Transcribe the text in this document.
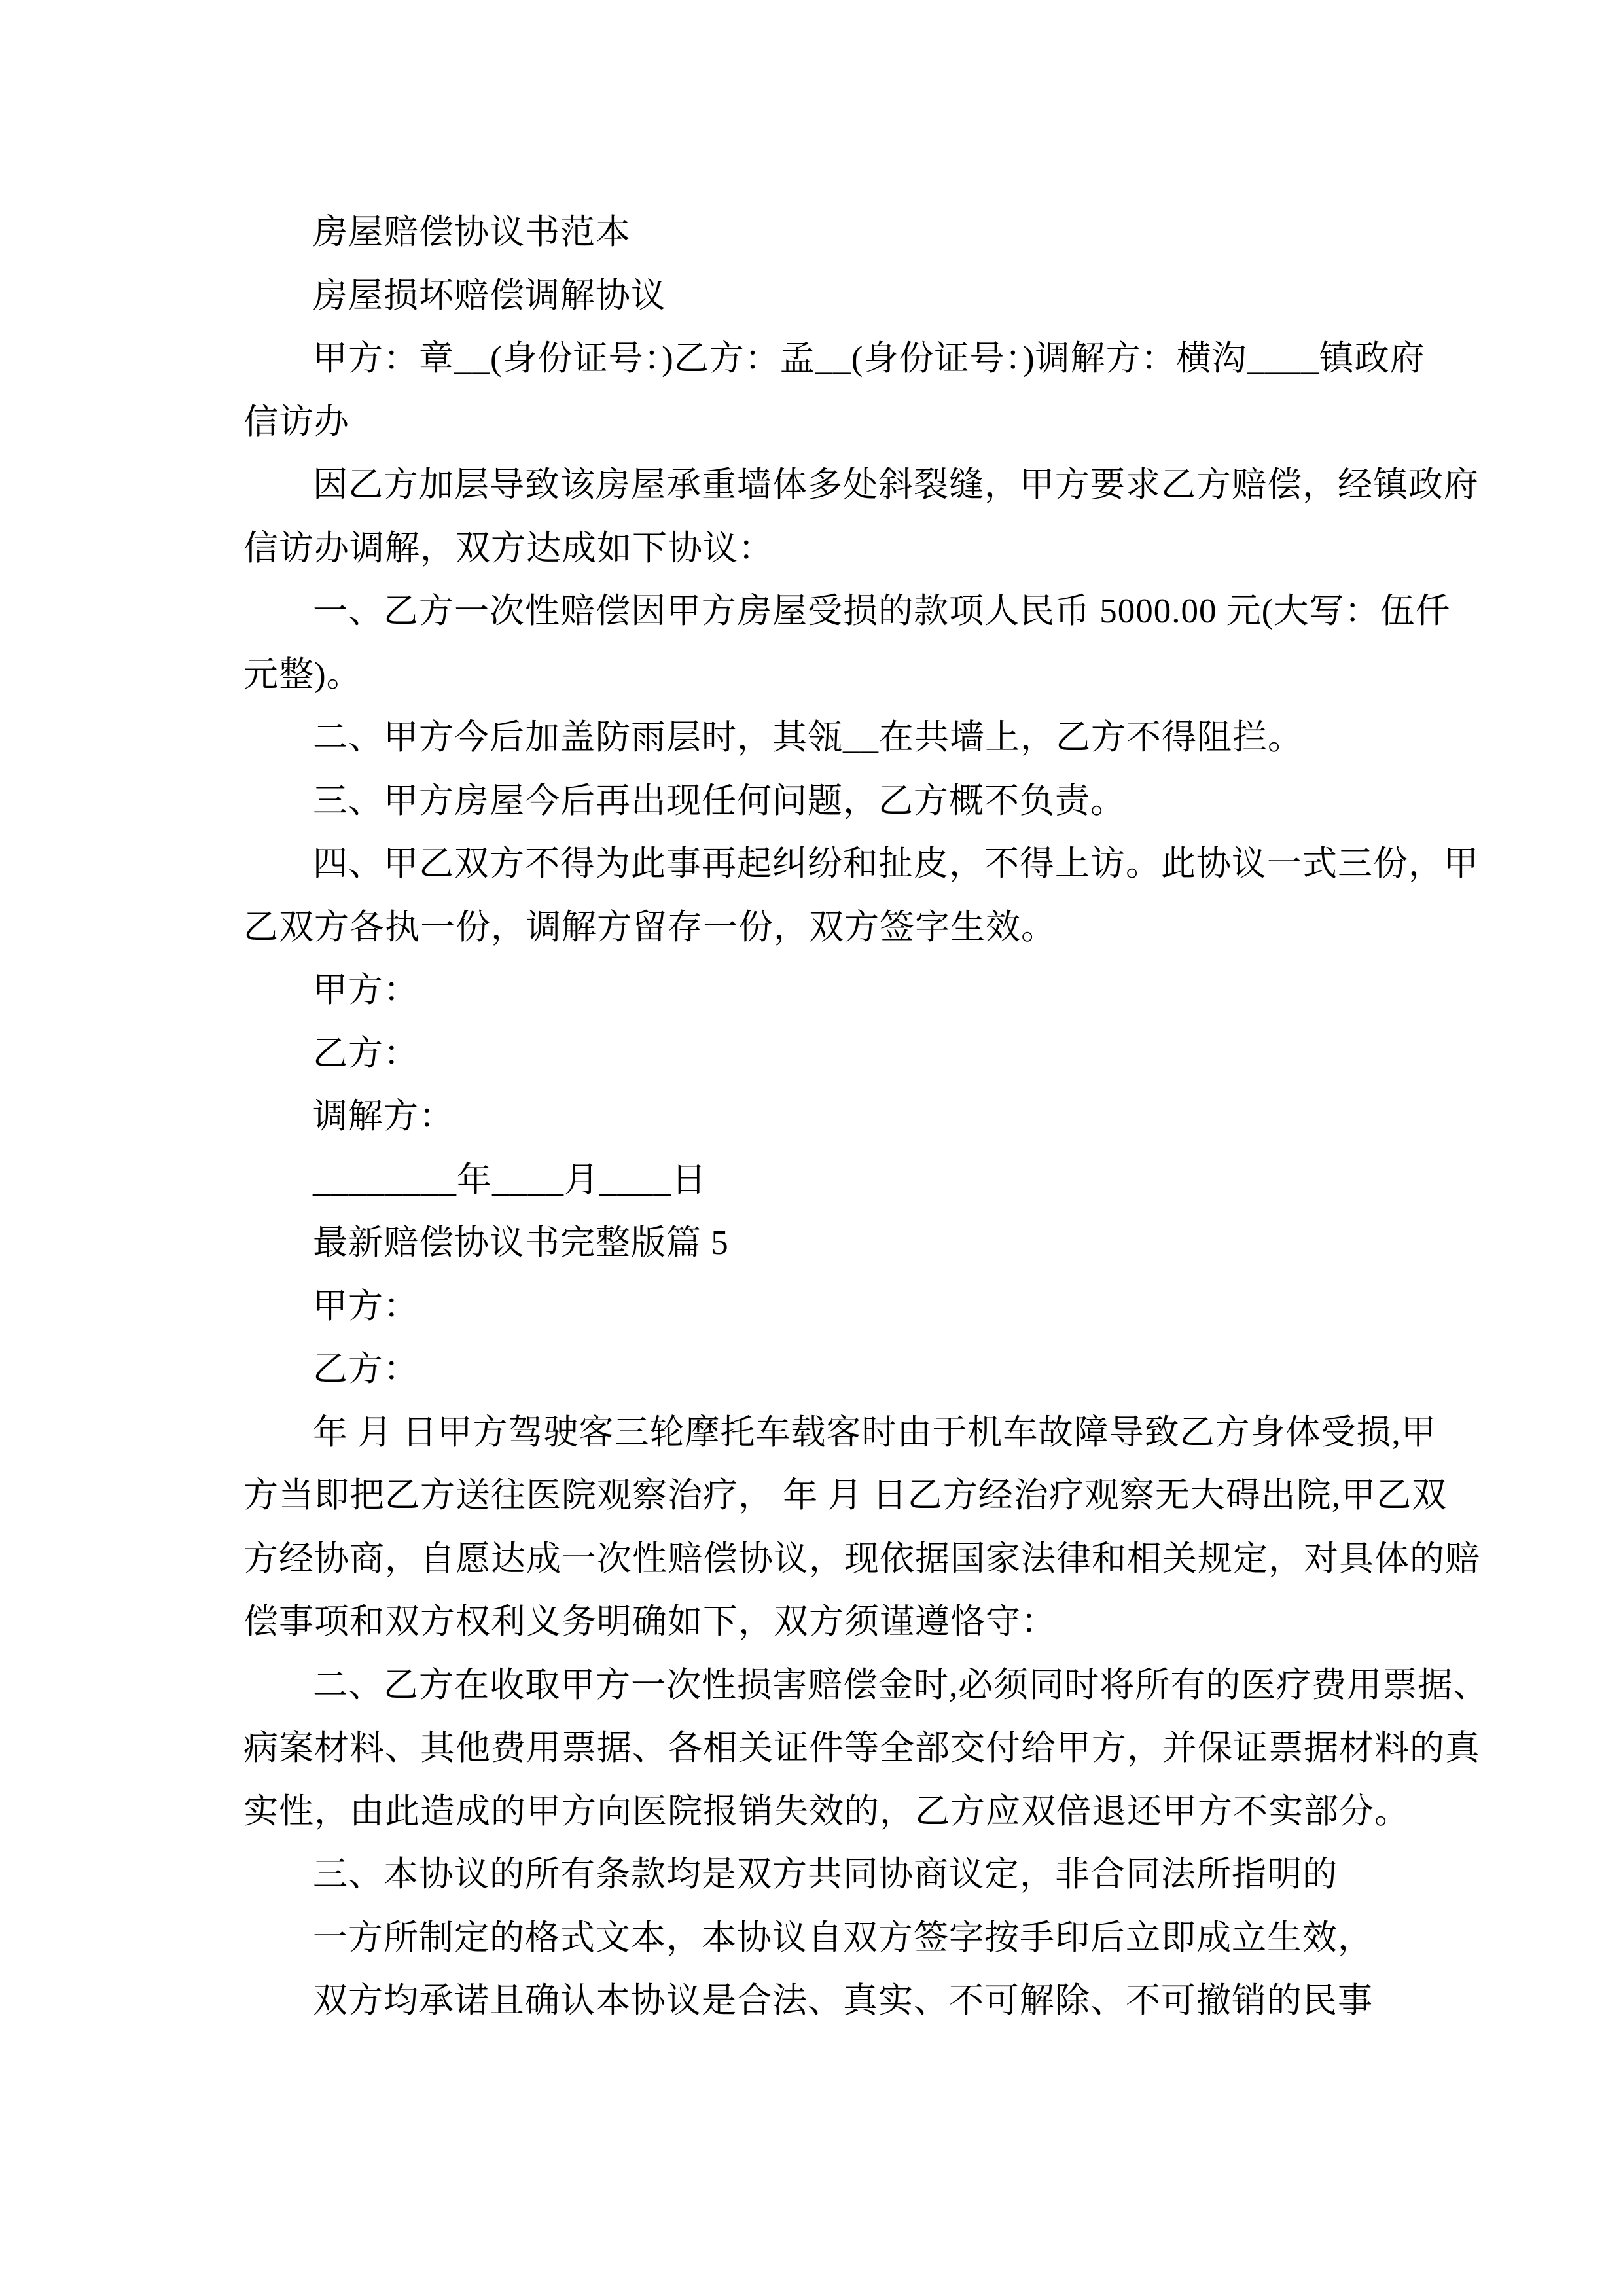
房屋赔偿协议书范本
房屋损坏赔偿调解协议
甲方：章__(身份证号：)乙方：孟__(身份证号：)调解方：横沟____镇政府
信访办
因乙方加层导致该房屋承重墙体多处斜裂缝，甲方要求乙方赔偿，经镇政府
信访办调解，双方达成如下协议：
一、乙方一次性赔偿因甲方房屋受损的款项人民币 5000.00 元(大写：伍仟
元整)。
二、甲方今后加盖防雨层时，其瓴__在共墙上，乙方不得阻拦。
三、甲方房屋今后再出现任何问题，乙方概不负责。
四、甲乙双方不得为此事再起纠纷和扯皮，不得上访。此协议一式三份，甲
乙双方各执一份，调解方留存一份，双方签字生效。
甲方：
乙方：
调解方：
________年____月____日
最新赔偿协议书完整版篇 5
甲方：
乙方：
年 月 日甲方驾驶客三轮摩托车载客时由于机车故障导致乙方身体受损,甲
方当即把乙方送往医院观察治疗， 年 月 日乙方经治疗观察无大碍出院,甲乙双
方经协商，自愿达成一次性赔偿协议，现依据国家法律和相关规定，对具体的赔
偿事项和双方权利义务明确如下，双方须谨遵恪守：
二、乙方在收取甲方一次性损害赔偿金时,必须同时将所有的医疗费用票据、
病案材料、其他费用票据、各相关证件等全部交付给甲方，并保证票据材料的真
实性，由此造成的甲方向医院报销失效的，乙方应双倍退还甲方不实部分。
三、本协议的所有条款均是双方共同协商议定，非合同法所指明的
一方所制定的格式文本，本协议自双方签字按手印后立即成立生效，
双方均承诺且确认本协议是合法、真实、不可解除、不可撤销的民事
